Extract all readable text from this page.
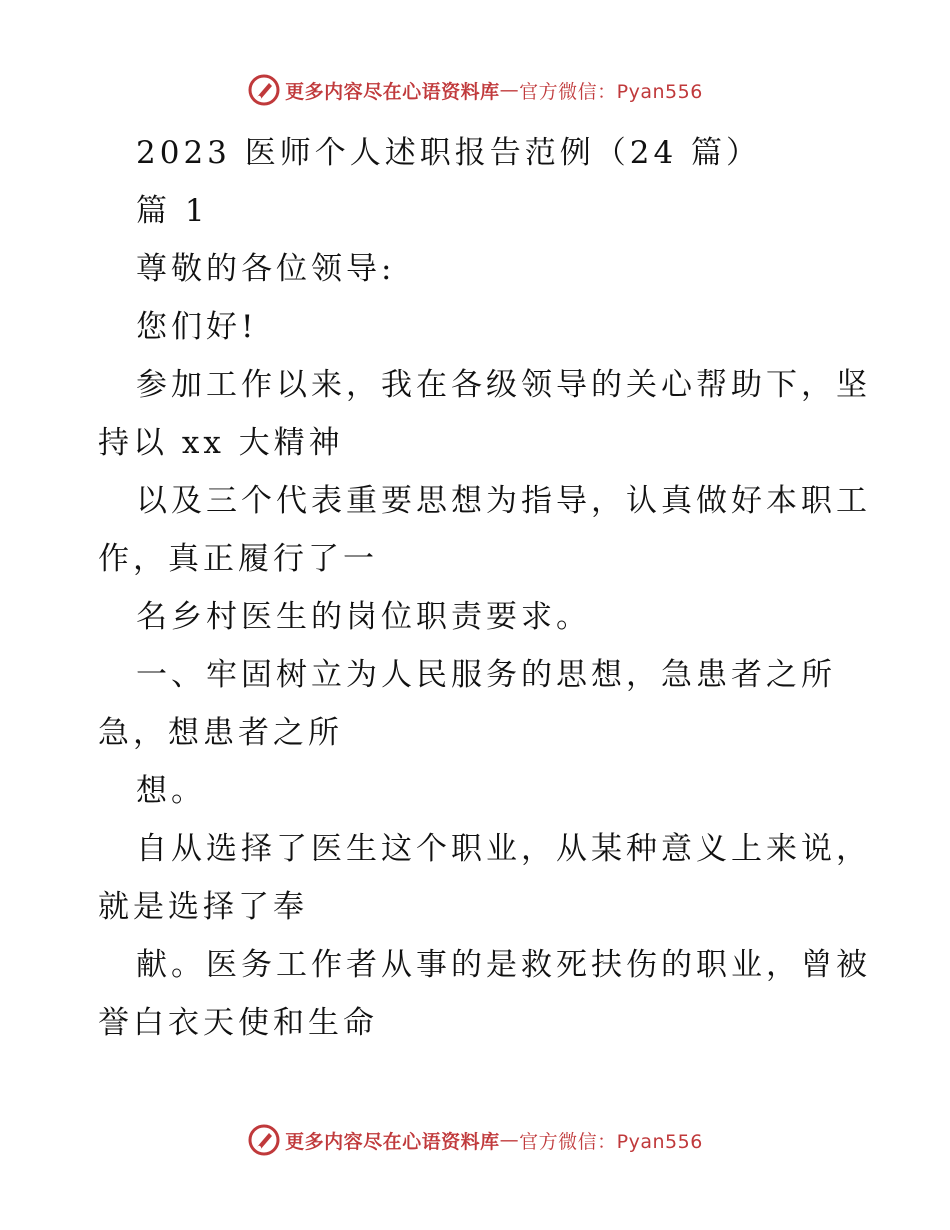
更多内容尽在心语资料库 — 官方微信：Pyan556
2023 医师个人述职报告范例（24 篇）
篇 1
尊敬的各位领导:
您们好!
参加工作以来，我在各级领导的关心帮助下，坚
持以 xx 大精神
以及三个代表重要思想为指导，认真做好本职工
作，真正履行了一
名乡村医生的岗位职责要求。
一、牢固树立为人民服务的思想，急患者之所
急，想患者之所
想。
自从选择了医生这个职业，从某种意义上来说，
就是选择了奉
献。医务工作者从事的是救死扶伤的职业，曾被
誉白衣天使和生命
更多内容尽在心语资料库 — 官方微信：Pyan556
